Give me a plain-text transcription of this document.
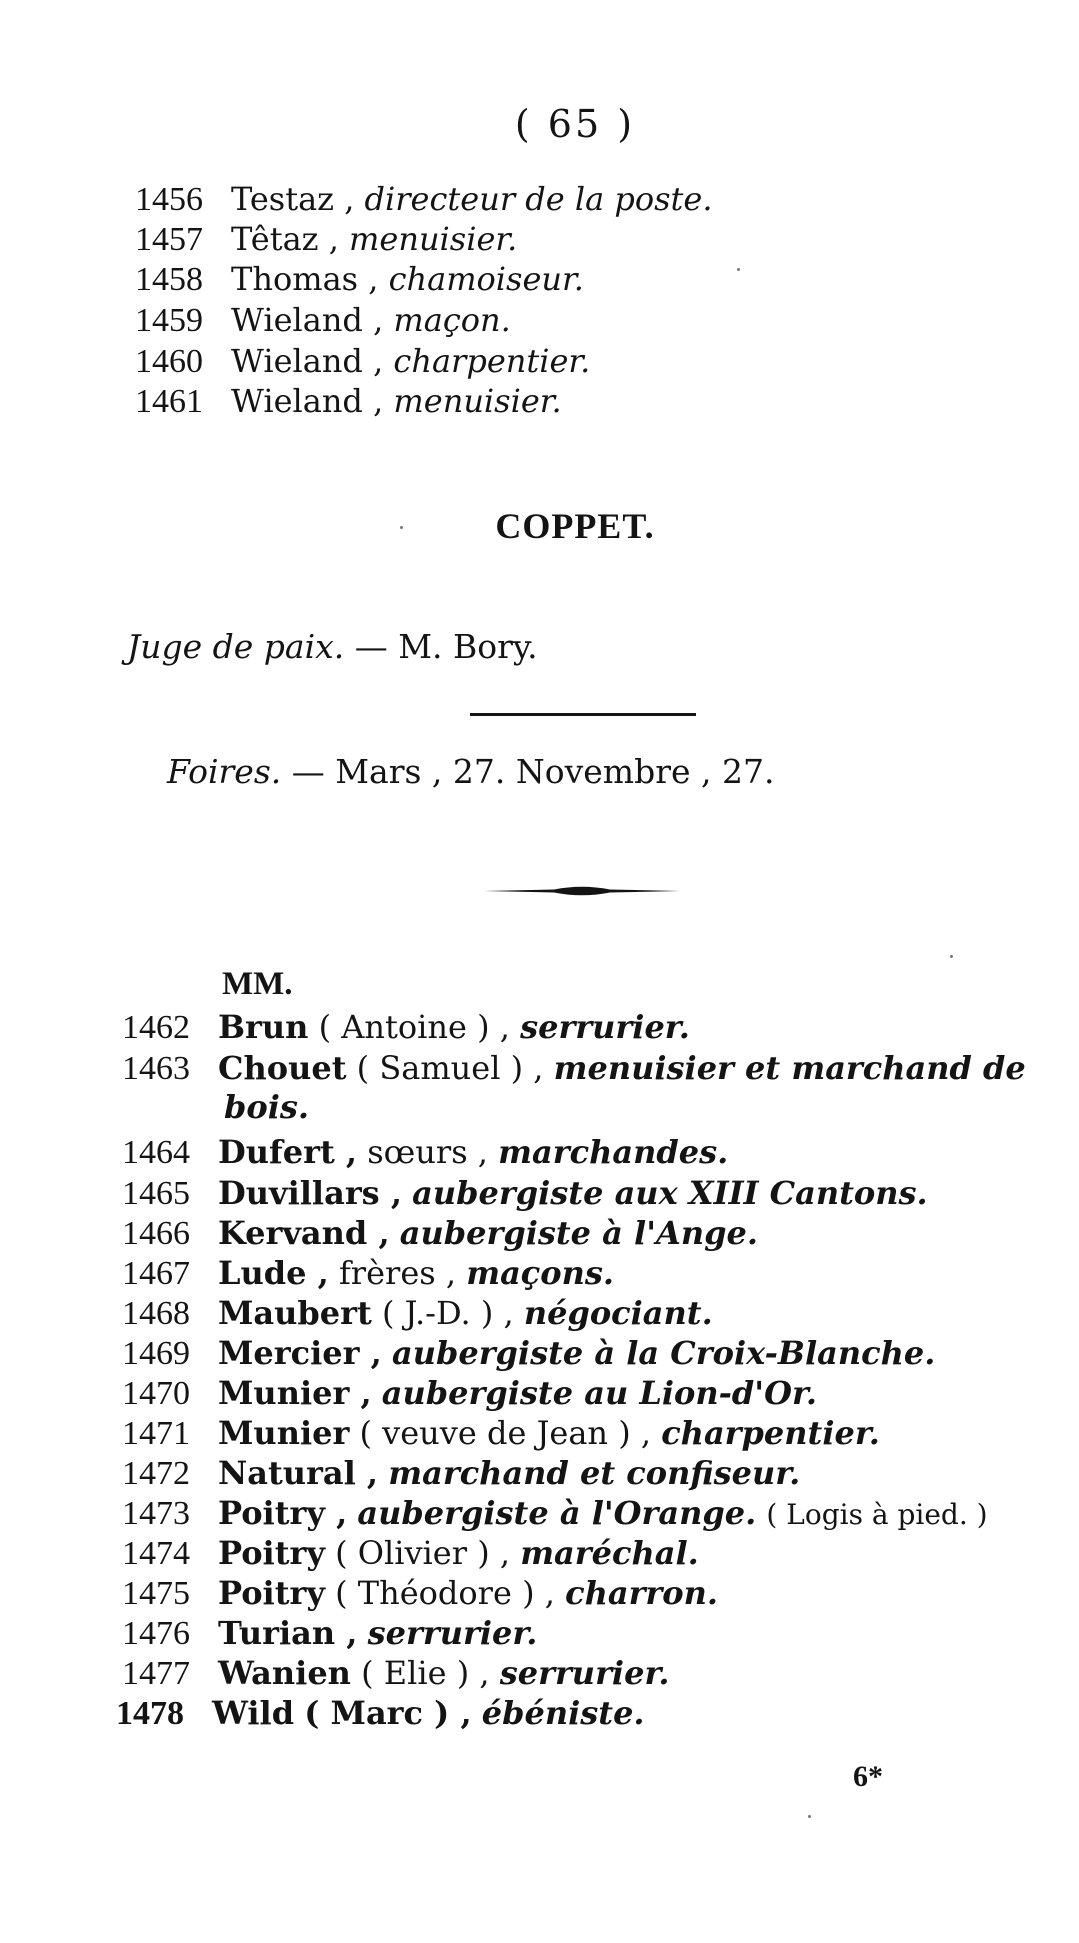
( 65 )
1456 Testaz , directeur de la poste.
1457 Têtaz , menuisier.
1458 Thomas , chamoiseur.
1459 Wieland , maçon.
1460 Wieland , charpentier.
1461 Wieland , menuisier.
COPPET.
Juge de paix. — M. Bory.
Foires. — Mars , 27. Novembre , 27.
MM.
1462 Brun ( Antoine ) , serrurier.
1463 Chouet ( Samuel ) , menuisier et marchand de
bois.
1464 Dufert , sœurs , marchandes.
1465 Duvillars , aubergiste aux XIII Cantons.
1466 Kervand , aubergiste à l'Ange.
1467 Lude , frères , maçons.
1468 Maubert ( J.-D. ) , négociant.
1469 Mercier , aubergiste à la Croix-Blanche.
1470 Munier , aubergiste au Lion-d'Or.
1471 Munier ( veuve de Jean ) , charpentier.
1472 Natural , marchand et confiseur.
1473 Poitry , aubergiste à l'Orange. ( Logis à pied. )
1474 Poitry ( Olivier ) , maréchal.
1475 Poitry ( Théodore ) , charron.
1476 Turian , serrurier.
1477 Wanien ( Elie ) , serrurier.
1478 Wild ( Marc ) , ébéniste.
6*
